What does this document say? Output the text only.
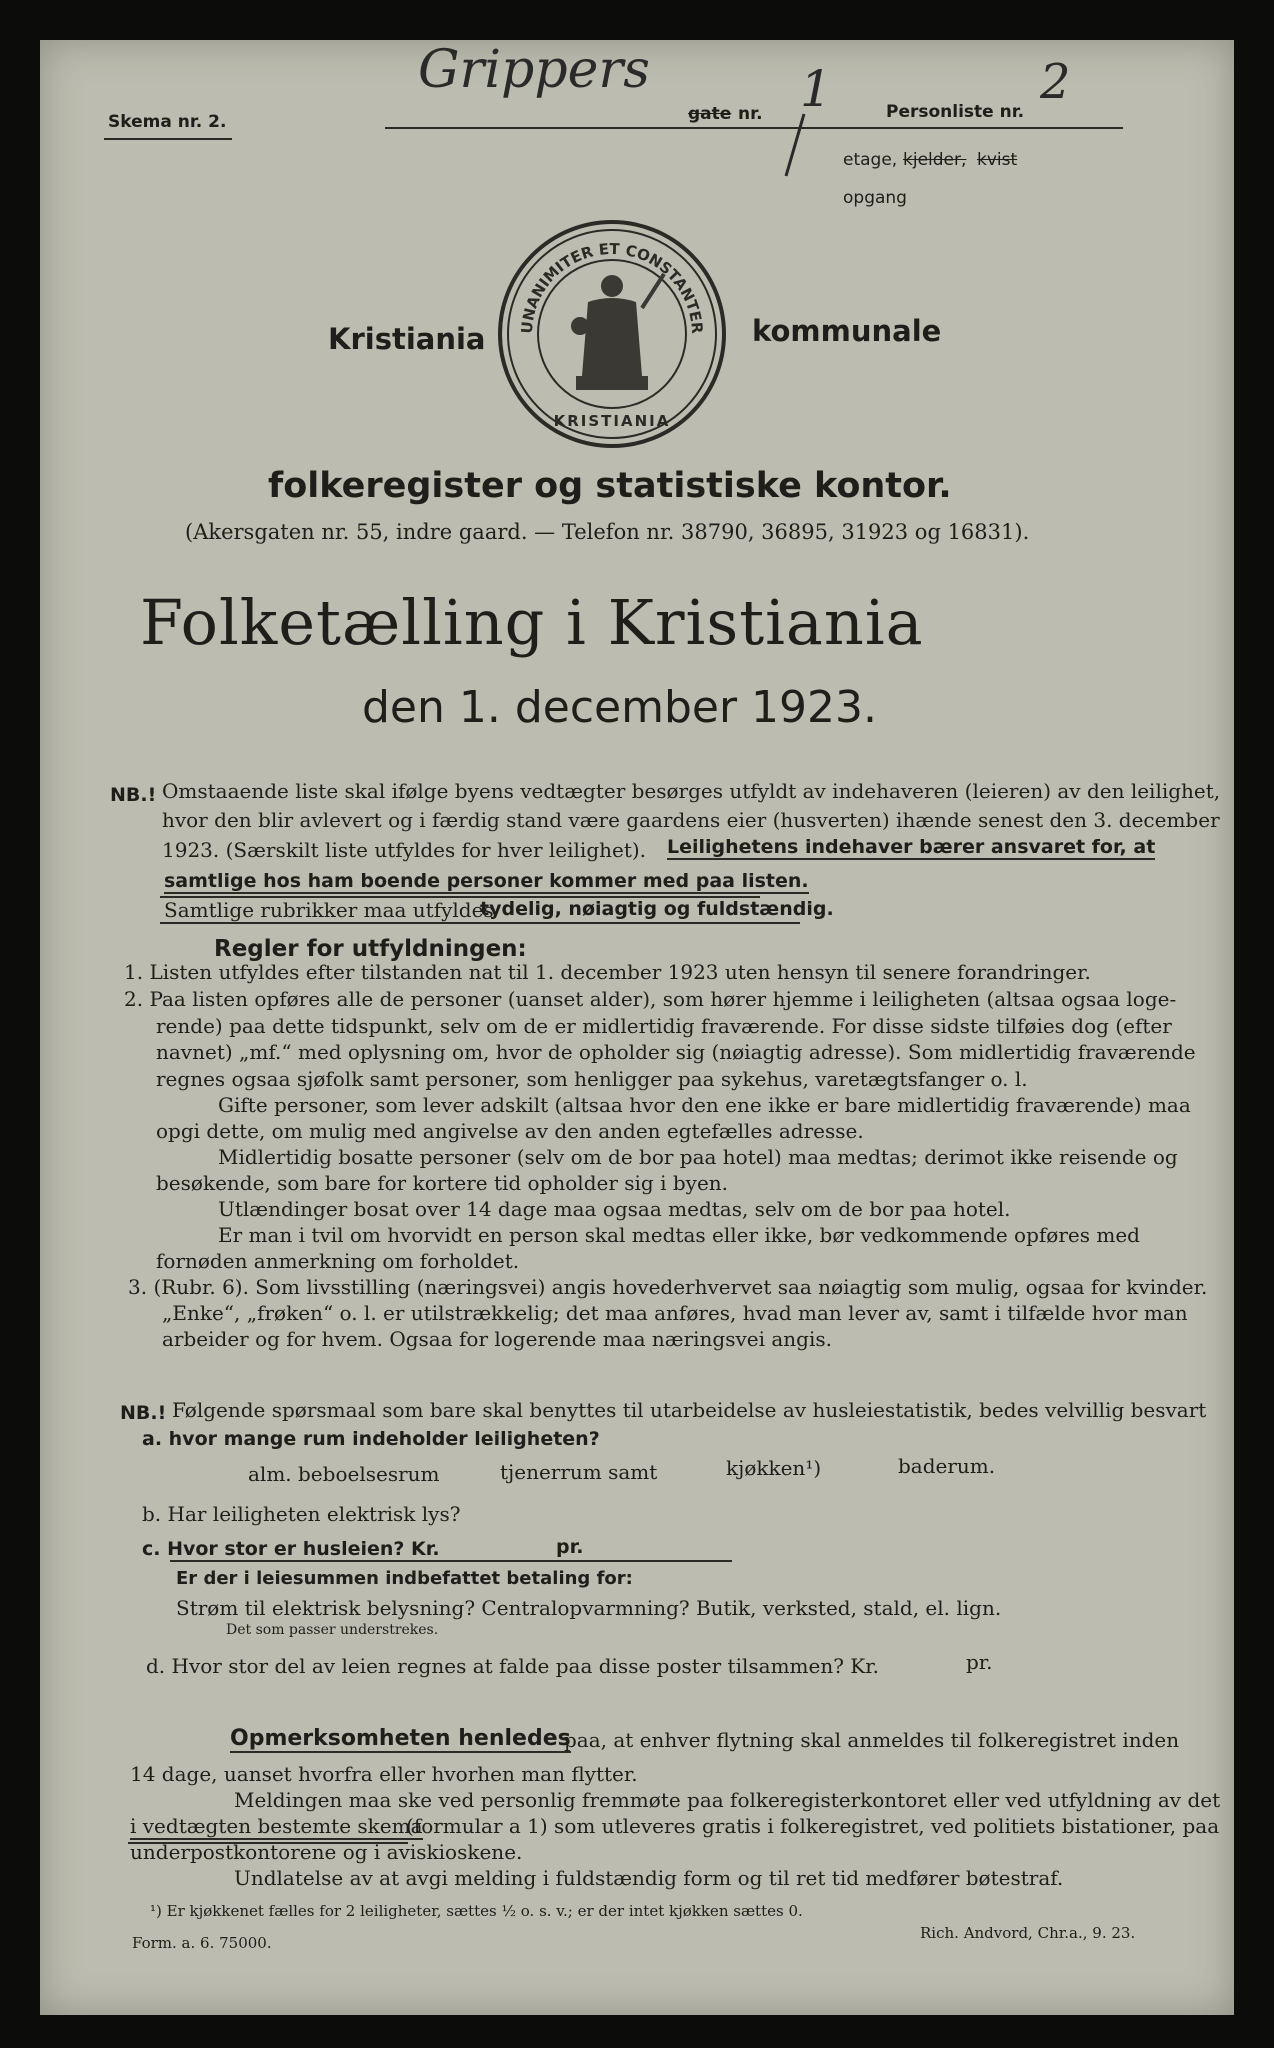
Skema nr. 2.
Grippers
gate nr. 1	Personliste nr.
2
etage, kjelder, kvist
opgang
Kristiania	kommunale
UNANIMITER ET CONSTANTER
KRISTIANIA
folkeregister og statistiske kontor.
(Akersgaten nr. 55, indre gaard. — Telefon nr. 38790, 36895, 31923 og 16831).
Folketælling i Kristiania
den 1. december 1923.
NB.! Omstaaende liste skal ifølge byens vedtægter besørges utfyldt av indehaveren (leieren) av den leilighet,
hvor den blir avlevert og i færdig stand være gaardens eier (husverten) ihænde senest den 3. december
1923. (Særskilt liste utfyldes for hver leilighet). Leilighetens indehaver bærer ansvaret for, at
samtlige hos ham boende personer kommer med paa listen.
Samtlige rubrikker maa utfyldes
tydelig, nøiagtig og fuldstændig.
Regler for utfyldningen:
1. Listen utfyldes efter tilstanden nat til 1. december 1923 uten hensyn til senere forandringer.
2. Paa listen opføres alle de personer (uanset alder), som hører hjemme i leiligheten (altsaa ogsaa loge-
rende) paa dette tidspunkt, selv om de er midlertidig fraværende. For disse sidste tilføies dog (efter
navnet) „mf.“ med oplysning om, hvor de opholder sig (nøiagtig adresse). Som midlertidig fraværende
regnes ogsaa sjøfolk samt personer, som henligger paa sykehus, varetægtsfanger o. l.
Gifte personer, som lever adskilt (altsaa hvor den ene ikke er bare midlertidig fraværende) maa
opgi dette, om mulig med angivelse av den anden egtefælles adresse.
Midlertidig bosatte personer (selv om de bor paa hotel) maa medtas; derimot ikke reisende og
besøkende, som bare for kortere tid opholder sig i byen.
Utlændinger bosat over 14 dage maa ogsaa medtas, selv om de bor paa hotel.
Er man i tvil om hvorvidt en person skal medtas eller ikke, bør vedkommende opføres med
fornøden anmerkning om forholdet.
3. (Rubr. 6). Som livsstilling (næringsvei) angis hovederhvervet saa nøiagtig som mulig, ogsaa for kvinder.
„Enke“, „frøken“ o. l. er utilstrækkelig; det maa anføres, hvad man lever av, samt i tilfælde hvor man
arbeider og for hvem. Ogsaa for logerende maa næringsvei angis.
NB.! Følgende spørsmaal som bare skal benyttes til utarbeidelse av husleiestatistik, bedes velvillig besvart
a. hvor mange rum indeholder leiligheten?
alm. beboelsesrum	tjenerrum samt	kjøkken¹)	baderum.
b. Har leiligheten elektrisk lys?
c. Hvor stor er husleien? Kr.	pr.
Er der i leiesummen indbefattet betaling for:
Strøm til elektrisk belysning? Centralopvarmning? Butik, verksted, stald, el. lign.
Det som passer understrekes.
d. Hvor stor del av leien regnes at falde paa disse poster tilsammen? Kr.	pr.
Opmerksomheten henledes
paa, at enhver flytning skal anmeldes til folkeregistret inden
14 dage, uanset hvorfra eller hvorhen man flytter.
Meldingen maa ske ved personlig fremmøte paa folkeregisterkontoret eller ved utfyldning av det
i vedtægten bestemte skema
(formular a 1) som utleveres gratis i folkeregistret, ved politiets bistationer, paa
underpostkontorene og i aviskioskene.
Undlatelse av at avgi melding i fuldstændig form og til ret tid medfører bøtestraf.
¹) Er kjøkkenet fælles for 2 leiligheter, sættes ½ o. s. v.; er der intet kjøkken sættes 0.
Form. a. 6. 75000.
Rich. Andvord, Chr.a., 9. 23.
